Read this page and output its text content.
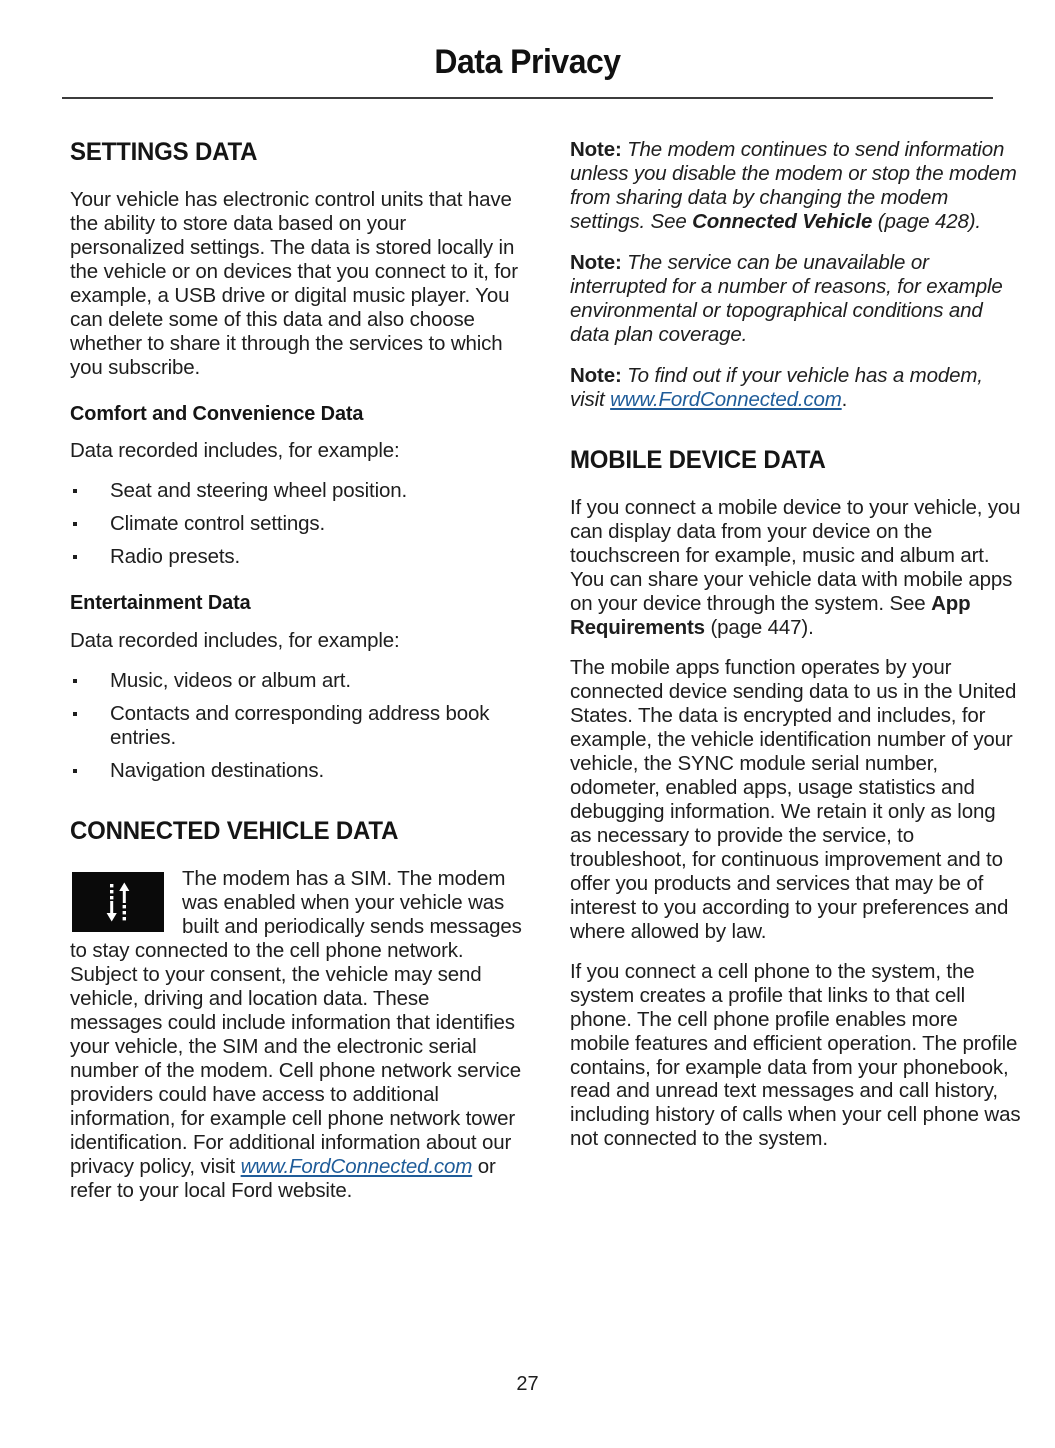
Data Privacy
SETTINGS DATA

Your vehicle has electronic control units that have the ability to store data based on your personalized settings. The data is stored locally in the vehicle or on devices that you connect to it, for example, a USB drive or digital music player. You can delete some of this data and also choose whether to share it through the services to which you subscribe.

Comfort and Convenience Data

Data recorded includes, for example:

Seat and steering wheel position.
Climate control settings.
Radio presets.
Entertainment Data

Data recorded includes, for example:

Music, videos or album art.
Contacts and corresponding address book entries.
Navigation destinations.
CONNECTED VEHICLE DATA
The modem has a SIM. The modem was enabled when your vehicle was built and periodically sends messages to stay connected to the cell phone network. Subject to your consent, the vehicle may send vehicle, driving and location data. These messages could include information that identifies your vehicle, the SIM and the electronic serial number of the modem. Cell phone network service providers could have access to additional information, for example cell phone network tower identification. For additional information about our privacy policy, visit www.FordConnected.com or refer to your local Ford website.

Note: The modem continues to send information unless you disable the modem or stop the modem from sharing data by changing the modem settings. See Connected Vehicle (page 428).

Note: The service can be unavailable or interrupted for a number of reasons, for example environmental or topographical conditions and data plan coverage.

Note: To find out if your vehicle has a modem, visit www.FordConnected.com.

MOBILE DEVICE DATA

If you connect a mobile device to your vehicle, you can display data from your device on the touchscreen for example, music and album art. You can share your vehicle data with mobile apps on your device through the system. See App Requirements (page 447).

The mobile apps function operates by your connected device sending data to us in the United States. The data is encrypted and includes, for example, the vehicle identification number of your vehicle, the SYNC module serial number, odometer, enabled apps, usage statistics and debugging information. We retain it only as long as necessary to provide the service, to troubleshoot, for continuous improvement and to offer you products and services that may be of interest to you according to your preferences and where allowed by law.

If you connect a cell phone to the system, the system creates a profile that links to that cell phone. The cell phone profile enables more mobile features and efficient operation. The profile contains, for example data from your phonebook, read and unread text messages and call history, including history of calls when your cell phone was not connected to the system.

27
